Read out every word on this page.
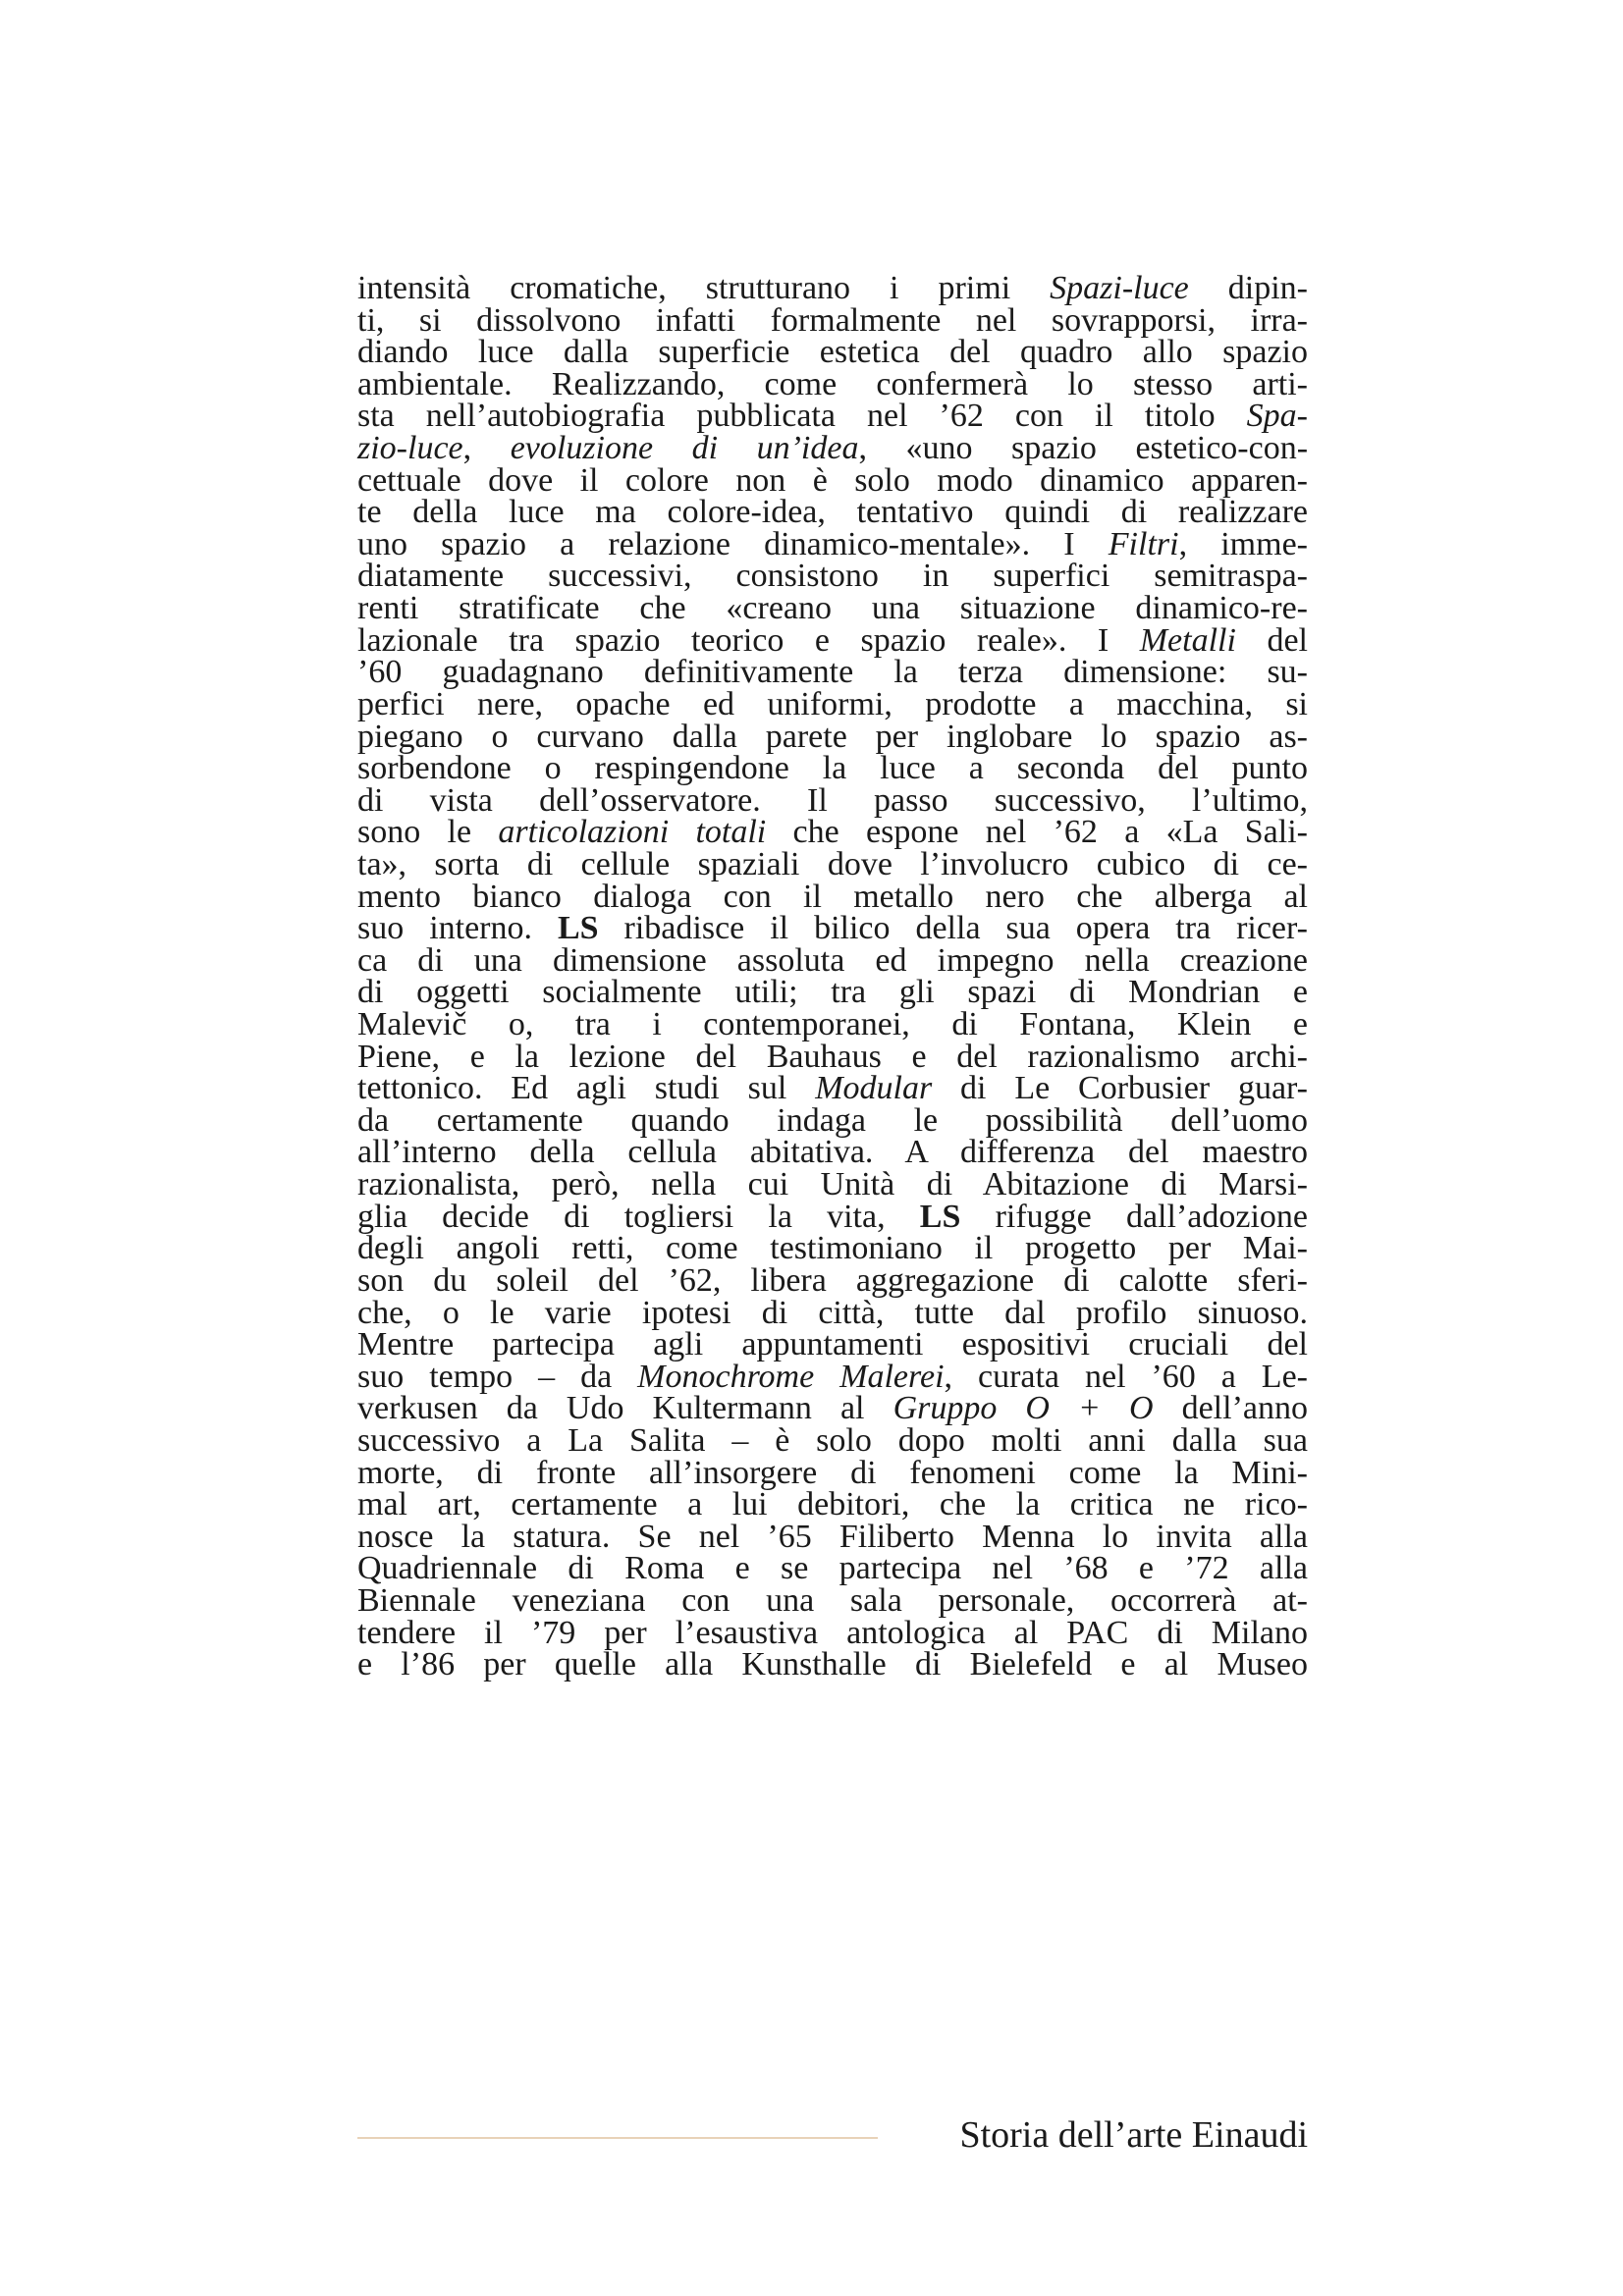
intensità cromatiche, strutturano i primi Spazi-luce dipin-
ti, si dissolvono infatti formalmente nel sovrapporsi, irra-
diando luce dalla superficie estetica del quadro allo spazio
ambientale. Realizzando, come confermerà lo stesso arti-
sta nell’autobiografia pubblicata nel ’62 con il titolo Spa-
zio-luce, evoluzione di un’idea, «uno spazio estetico-con-
cettuale dove il colore non è solo modo dinamico apparen-
te della luce ma colore-idea, tentativo quindi di realizzare
uno spazio a relazione dinamico-mentale». I Filtri, imme-
diatamente successivi, consistono in superfici semitraspa-
renti stratificate che «creano una situazione dinamico-re-
lazionale tra spazio teorico e spazio reale». I Metalli del
’60 guadagnano definitivamente la terza dimensione: su-
perfici nere, opache ed uniformi, prodotte a macchina, si
piegano o curvano dalla parete per inglobare lo spazio as-
sorbendone o respingendone la luce a seconda del punto
di vista dell’osservatore. Il passo successivo, l’ultimo,
sono le articolazioni totali che espone nel ’62 a «La Sali-
ta», sorta di cellule spaziali dove l’involucro cubico di ce-
mento bianco dialoga con il metallo nero che alberga al
suo interno. LS ribadisce il bilico della sua opera tra ricer-
ca di una dimensione assoluta ed impegno nella creazione
di oggetti socialmente utili; tra gli spazi di Mondrian e
Malevič o, tra i contemporanei, di Fontana, Klein e
Piene, e la lezione del Bauhaus e del razionalismo archi-
tettonico. Ed agli studi sul Modular di Le Corbusier guar-
da certamente quando indaga le possibilità dell’uomo
all’interno della cellula abitativa. A differenza del maestro
razionalista, però, nella cui Unità di Abitazione di Marsi-
glia decide di togliersi la vita, LS rifugge dall’adozione
degli angoli retti, come testimoniano il progetto per Mai-
son du soleil del ’62, libera aggregazione di calotte sferi-
che, o le varie ipotesi di città, tutte dal profilo sinuoso.
Mentre partecipa agli appuntamenti espositivi cruciali del
suo tempo – da Monochrome Malerei, curata nel ’60 a Le-
verkusen da Udo Kultermann al Gruppo O + O dell’anno
successivo a La Salita – è solo dopo molti anni dalla sua
morte, di fronte all’insorgere di fenomeni come la Mini-
mal art, certamente a lui debitori, che la critica ne rico-
nosce la statura. Se nel ’65 Filiberto Menna lo invita alla
Quadriennale di Roma e se partecipa nel ’68 e ’72 alla
Biennale veneziana con una sala personale, occorrerà at-
tendere il ’79 per l’esaustiva antologica al PAC di Milano
e l’86 per quelle alla Kunsthalle di Bielefeld e al Museo
Storia dell’arte Einaudi
